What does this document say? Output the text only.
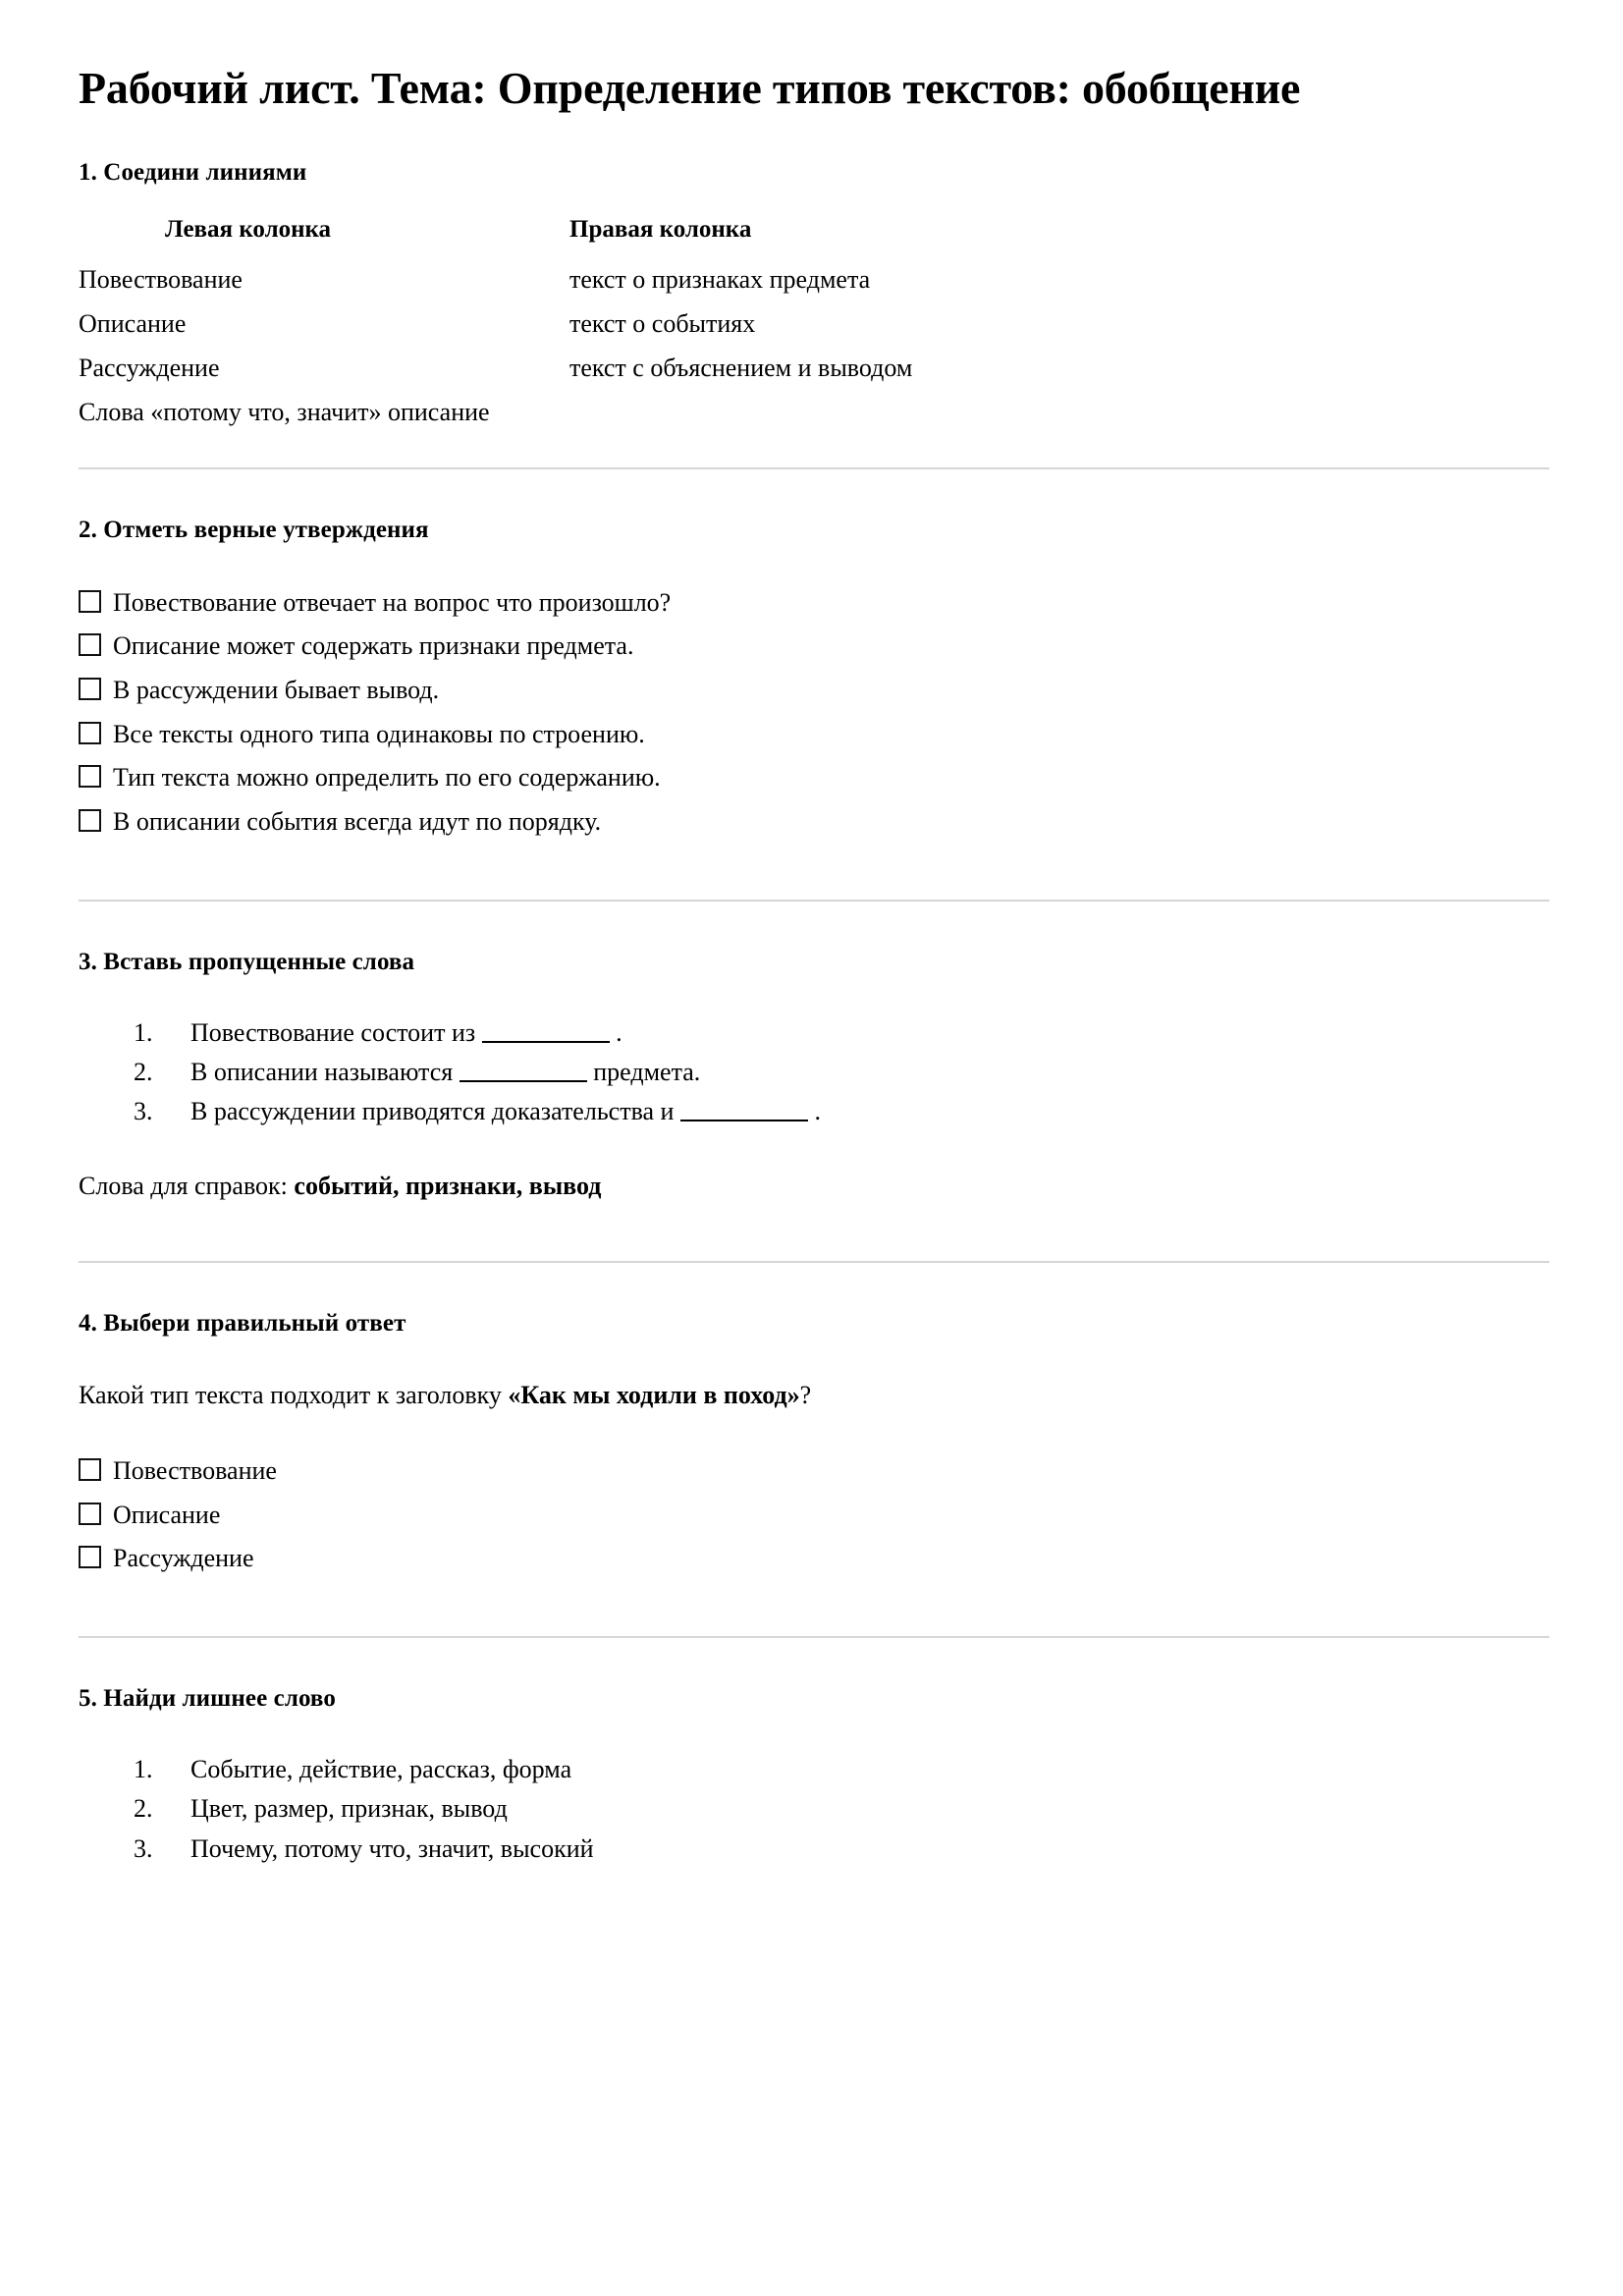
Рабочий лист. Тема: Определение типов текстов: обобщение
1. Соедини линиями
Левая колонка	Правая колонка
Повествование	текст о признаках предмета
Описание	текст о событиях
Рассуждение	текст с объяснением и выводом
Слова «потому что, значит» описание	
2. Отметь верные утверждения
Повествование отвечает на вопрос что произошло?
Описание может содержать признаки предмета.
В рассуждении бывает вывод.
Все тексты одного типа одинаковы по строению.
Тип текста можно определить по его содержанию.
В описании события всегда идут по порядку.
3. Вставь пропущенные слова
Повествование состоит из	.
В описании называются	предмета.
В рассуждении приводятся доказательства и	.

Слова для справок: событий, признаки, вывод

4. Выбери правильный ответ

Какой тип текста подходит к заголовку «Как мы ходили в поход»?

Повествование
Описание
Рассуждение
5. Найди лишнее слово
Событие, действие, рассказ, форма
Цвет, размер, признак, вывод
Почему, потому что, значит, высокий
